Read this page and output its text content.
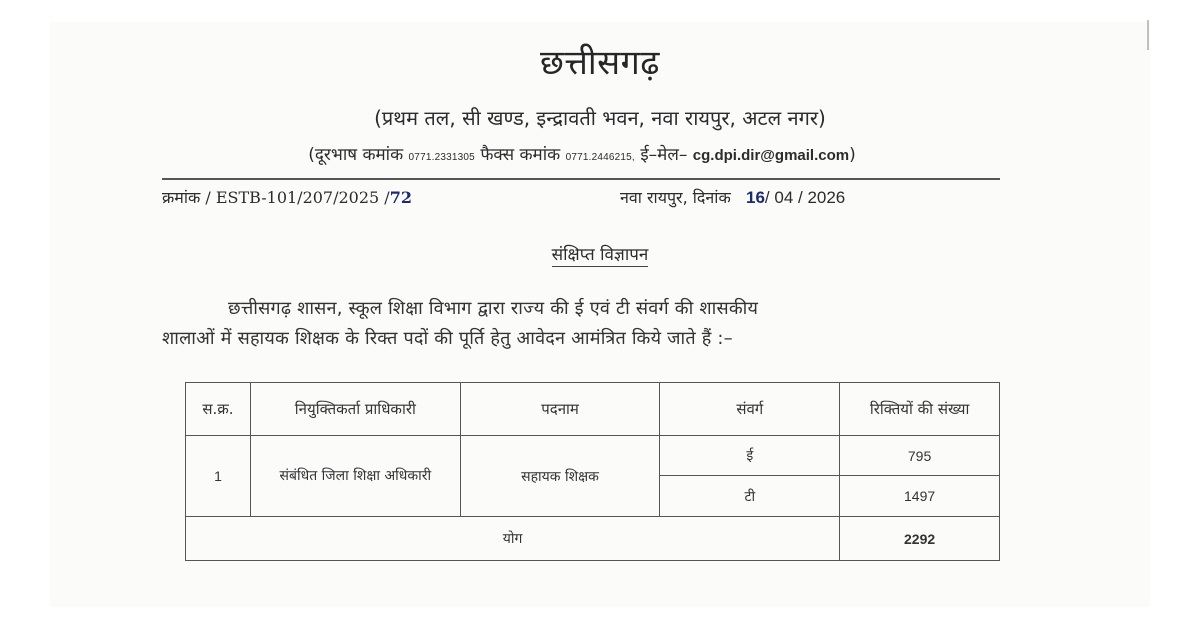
छत्तीसगढ़
(प्रथम तल, सी खण्ड, इन्द्रावती भवन, नवा रायपुर, अटल नगर)
(दूरभाष कमांक 0771.2331305 फैक्स कमांक 0771.2446215, ई–मेल– cg.dpi.dir@gmail.com)
क्रमांक / ESTB-101/207/2025 /72	नवा रायपुर, दिनांक 16/ 04 / 2026
संक्षिप्त विज्ञापन
छत्तीसगढ़ शासन, स्कूल शिक्षा विभाग द्वारा राज्य की ई एवं टी संवर्ग की शासकीय
शालाओं में सहायक शिक्षक के रिक्त पदों की पूर्ति हेतु आवेदन आमंत्रित किये जाते हैं :–
स.क्र.	नियुक्तिकर्ता प्राधिकारी	पदनाम	संवर्ग	रिक्तियों की संख्या
1	संबंधित जिला शिक्षा अधिकारी	सहायक शिक्षक	ई	795
			टी	1497
योग				2292
